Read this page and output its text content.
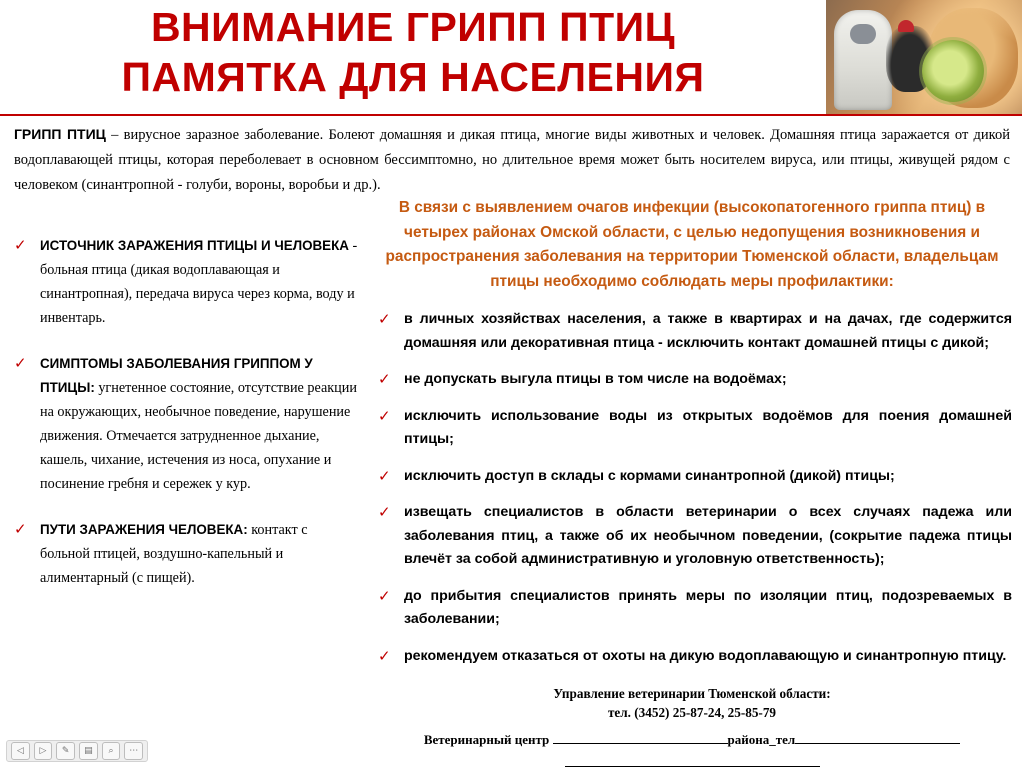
ВНИМАНИЕ ГРИПП ПТИЦ
ПАМЯТКА ДЛЯ НАСЕЛЕНИЯ
ГРИПП ПТИЦ – вирусное заразное заболевание. Болеют домашняя и дикая птица, многие виды животных и человек. Домашняя птица заражается от дикой водоплавающей птицы, которая переболевает в основном бессимптомно, но длительное время может быть носителем вируса, или птицы, живущей рядом с человеком (синантропной - голуби, вороны, воробьи и др.).
✓ ИСТОЧНИК ЗАРАЖЕНИЯ ПТИЦЫ И ЧЕЛОВЕКА - больная птица (дикая водоплавающая и синантропная), передача вируса через корма, воду и инвентарь.
✓ СИМПТОМЫ ЗАБОЛЕВАНИЯ ГРИППОМ У ПТИЦЫ: угнетенное состояние, отсутствие реакции на окружающих, необычное поведение, нарушение движения. Отмечается затрудненное дыхание, кашель, чихание, истечения из носа, опухание и посинение гребня и сережек у кур.
✓ ПУТИ ЗАРАЖЕНИЯ ЧЕЛОВЕКА: контакт с больной птицей, воздушно-капельный и алиментарный (с пищей).
В связи с выявлением очагов инфекции (высокопатогенного гриппа птиц) в четырех районах Омской области, с целью недопущения возникновения и распространения заболевания на территории Тюменской области, владельцам птицы необходимо соблюдать меры профилактики:
✓ в личных хозяйствах населения, а также в квартирах и на дачах, где содержится домашняя или декоративная птица - исключить контакт домашней птицы с дикой;
✓ не допускать выгула птицы в том числе на водоёмах;
✓ исключить использование воды из открытых водоёмов для поения домашней птицы;
✓ исключить доступ в склады с кормами синантропной (дикой) птицы;
✓ извещать специалистов в области ветеринарии о всех случаях падежа или заболевания птиц, а также об их необычном поведении, (сокрытие падежа птицы влечёт за собой административную и уголовную ответственность);
✓ до прибытия специалистов принять меры по изоляции птиц, подозреваемых в заболевании;
✓ рекомендуем отказаться от охоты на дикую водоплавающую и синантропную птицу.
Управление ветеринарии Тюменской области:
тел. (3452) 25-87-24, 25-85-79
Ветеринарный центр	района_тел
◁	▷	✎	▤	⌕	⋯
